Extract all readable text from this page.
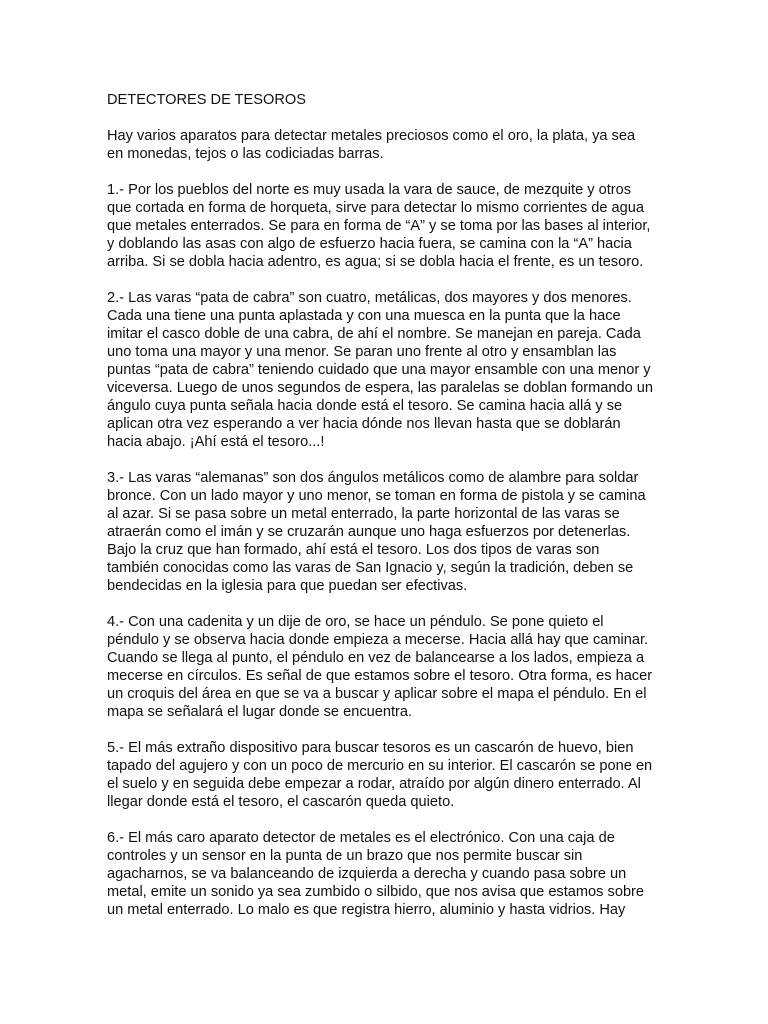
DETECTORES DE TESOROS

Hay varios aparatos para detectar metales preciosos como el oro, la plata, ya sea en monedas, tejos o las codiciadas barras.

1.- Por los pueblos del norte es muy usada la vara de sauce, de mezquite y otros que cortada en forma de horqueta, sirve para detectar lo mismo corrientes de agua que metales enterrados. Se para en forma de “A” y se toma por las bases al interior, y doblando las asas con algo de esfuerzo hacia fuera, se camina con la “A” hacia arriba. Si se dobla hacia adentro, es agua; si se dobla hacia el frente, es un tesoro.

2.- Las varas “pata de cabra” son cuatro, metálicas, dos mayores y dos menores. Cada una tiene una punta aplastada y con una muesca en la punta que la hace imitar el casco doble de una cabra, de ahí el nombre. Se manejan en pareja. Cada uno toma una mayor y una menor. Se paran uno frente al otro y ensamblan las puntas “pata de cabra” teniendo cuidado que una mayor ensamble con una menor y viceversa. Luego de unos segundos de espera, las paralelas se doblan formando un ángulo cuya punta señala hacia donde está el tesoro. Se camina hacia allá y se aplican otra vez esperando a ver hacia dónde nos llevan hasta que se doblarán hacia abajo. ¡Ahí está el tesoro...!

3.- Las varas “alemanas” son dos ángulos metálicos como de alambre para soldar bronce. Con un lado mayor y uno menor, se toman en forma de pistola y se camina al azar. Si se pasa sobre un metal enterrado, la parte horizontal de las varas se atraerán como el imán y se cruzarán aunque uno haga esfuerzos por detenerlas. Bajo la cruz que han formado, ahí está el tesoro. Los dos tipos de varas son también conocidas como las varas de San Ignacio y, según la tradición, deben se bendecidas en la iglesia para que puedan ser efectivas.

4.- Con una cadenita y un dije de oro, se hace un péndulo. Se pone quieto el péndulo y se observa hacia donde empieza a mecerse. Hacia allá hay que caminar. Cuando se llega al punto, el péndulo en vez de balancearse a los lados, empieza a mecerse en círculos. Es señal de que estamos sobre el tesoro. Otra forma, es hacer un croquis del área en que se va a buscar y aplicar sobre el mapa el péndulo. En el mapa se señalará el lugar donde se encuentra.

5.- El más extraño dispositivo para buscar tesoros es un cascarón de huevo, bien tapado del agujero y con un poco de mercurio en su interior. El cascarón se pone en el suelo y en seguida debe empezar a rodar, atraído por algún dinero enterrado. Al llegar donde está el tesoro, el cascarón queda quieto.

6.- El más caro aparato detector de metales es el electrónico. Con una caja de controles y un sensor en la punta de un brazo que nos permite buscar sin agacharnos, se va balanceando de izquierda a derecha y cuando pasa sobre un metal, emite un sonido ya sea zumbido o silbido, que nos avisa que estamos sobre un metal enterrado. Lo malo es que registra hierro, aluminio y hasta vidrios. Hay
